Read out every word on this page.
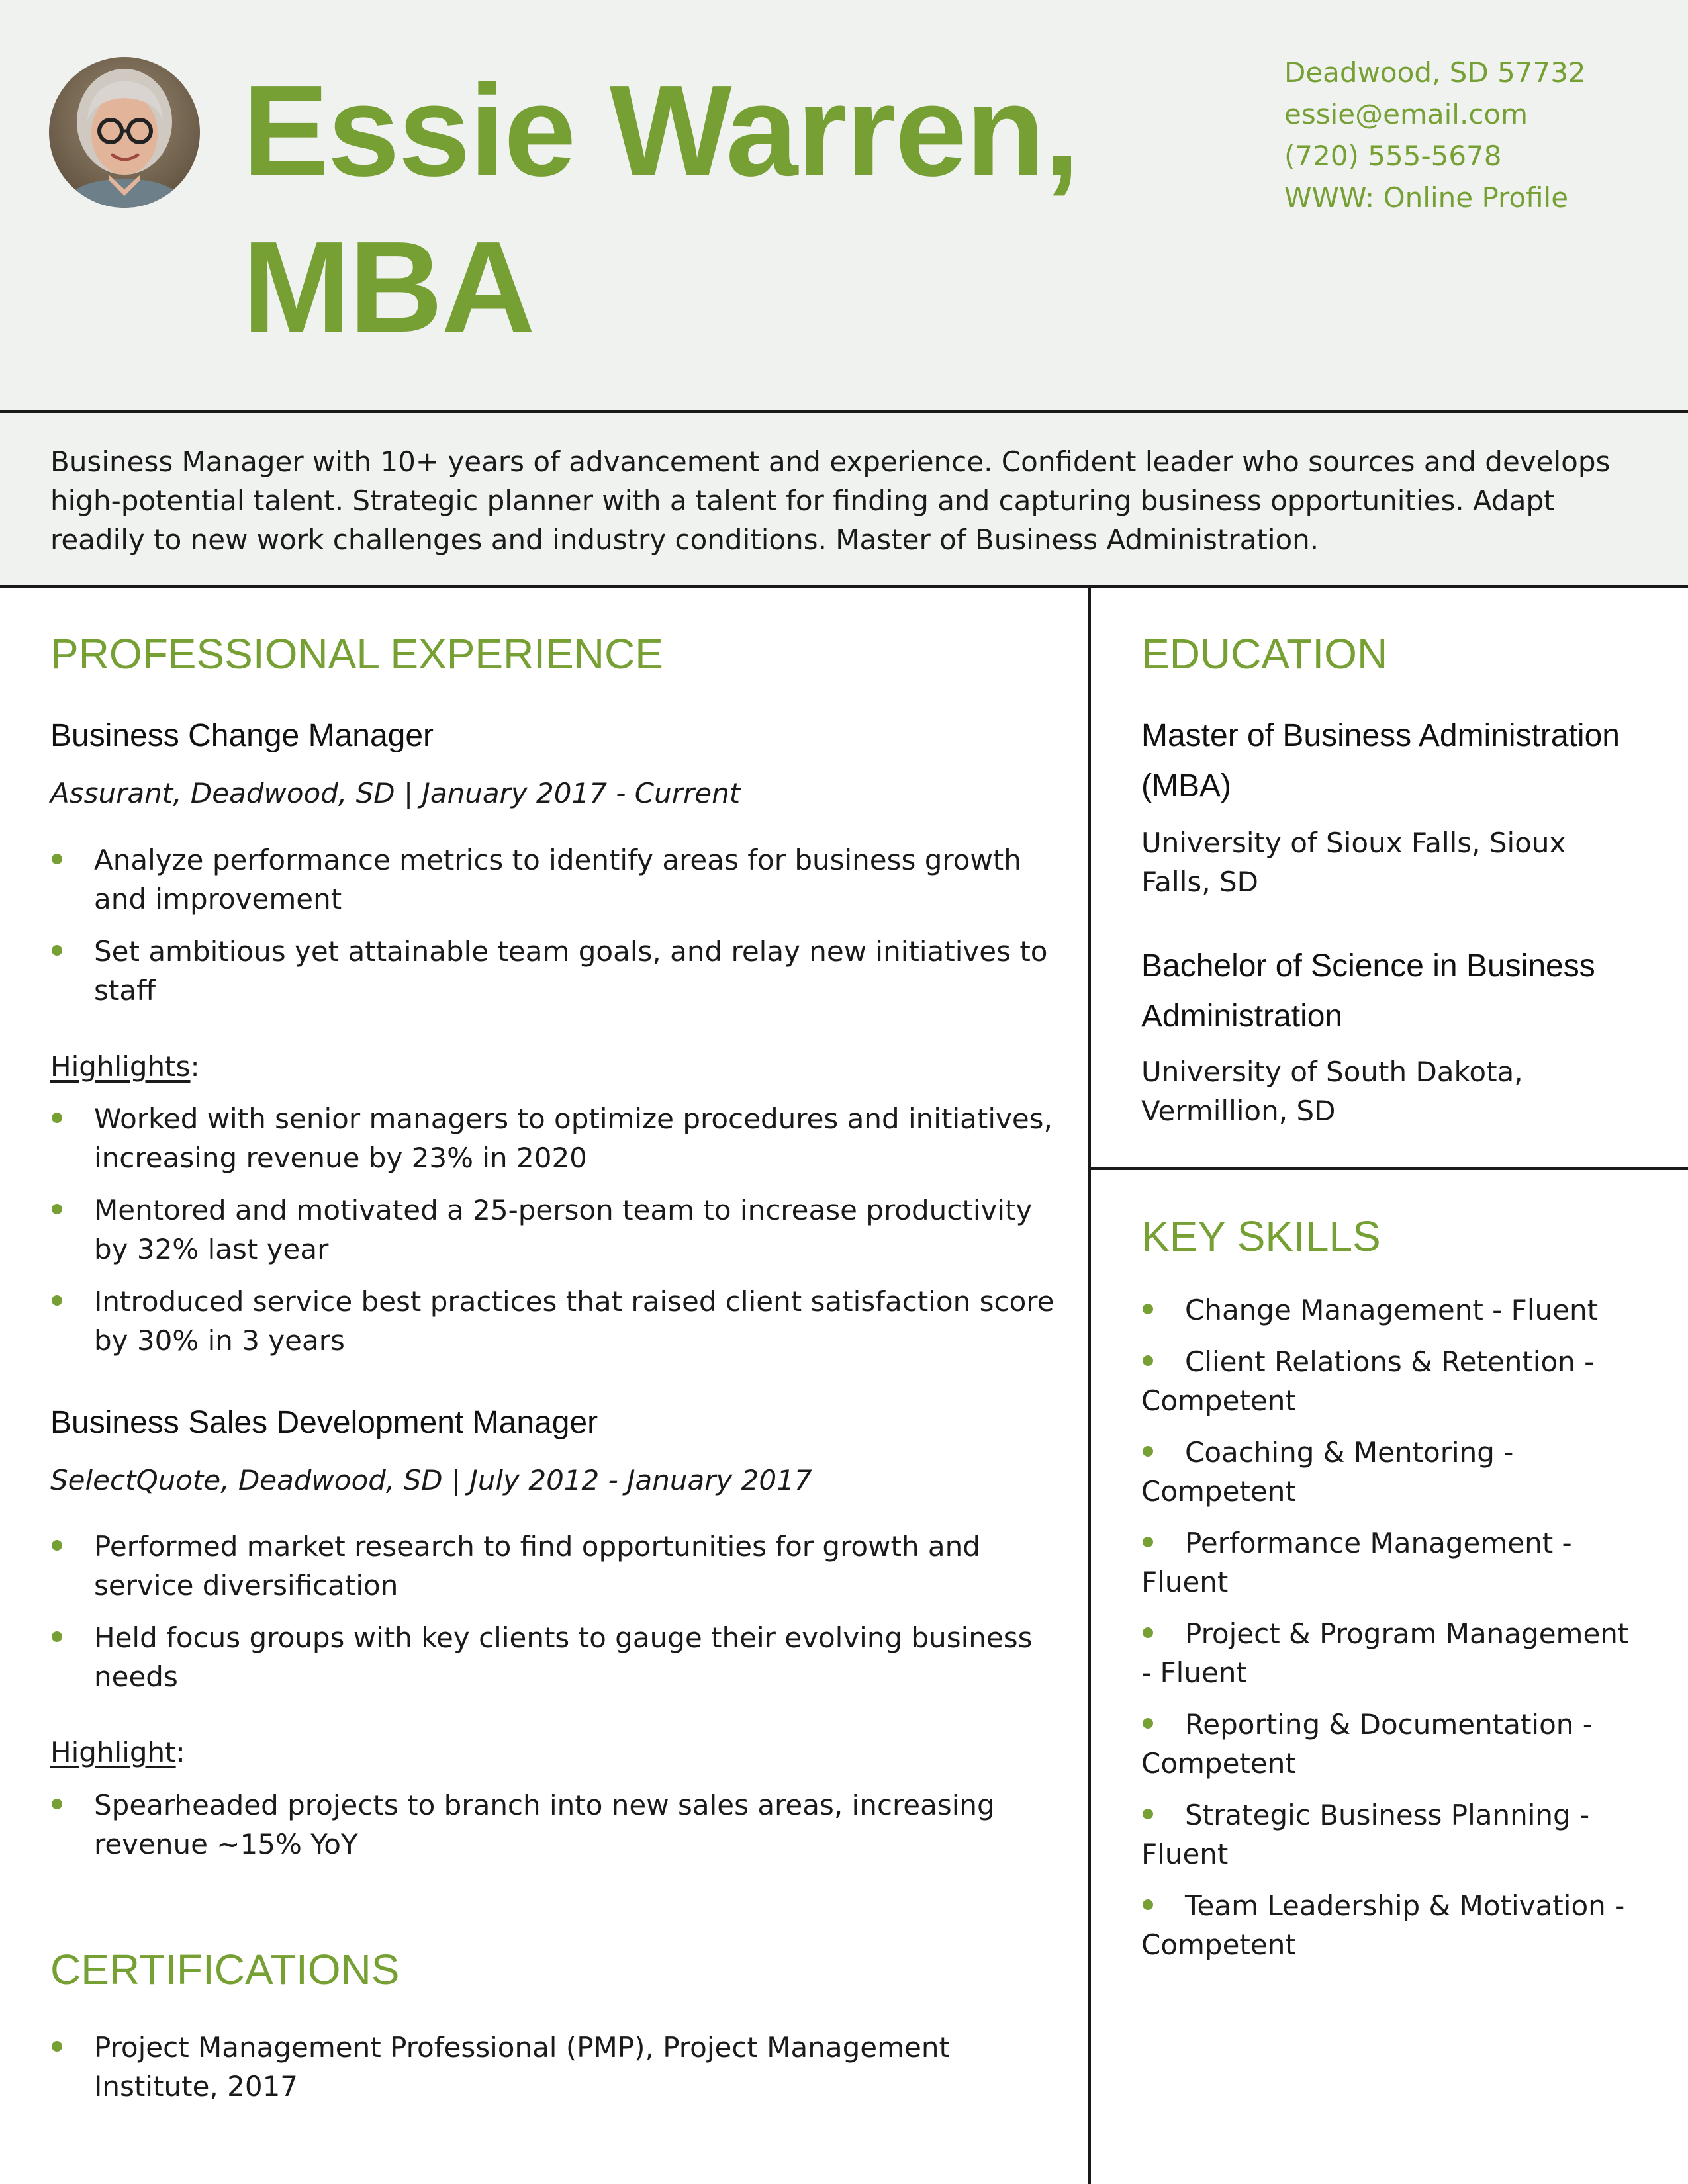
Essie Warren, MBA
Deadwood, SD 57732
essie@email.com
(720) 555-5678
WWW: Online Profile
Business Manager with 10+ years of advancement and experience. Confident leader who sources and develops high-potential talent. Strategic planner with a talent for finding and capturing business opportunities. Adapt readily to new work challenges and industry conditions. Master of Business Administration.
PROFESSIONAL EXPERIENCE
Business Change Manager
Assurant, Deadwood, SD | January 2017 - Current
Analyze performance metrics to identify areas for business growth and improvement
Set ambitious yet attainable team goals, and relay new initiatives to staff
Highlights:
Worked with senior managers to optimize procedures and initiatives, increasing revenue by 23% in 2020
Mentored and motivated a 25-person team to increase productivity by 32% last year
Introduced service best practices that raised client satisfaction score by 30% in 3 years
Business Sales Development Manager
SelectQuote, Deadwood, SD | July 2012 - January 2017
Performed market research to find opportunities for growth and service diversification
Held focus groups with key clients to gauge their evolving business needs
Highlight:
Spearheaded projects to branch into new sales areas, increasing revenue ~15% YoY
CERTIFICATIONS
Project Management Professional (PMP), Project Management Institute, 2017
EDUCATION
Master of Business Administration (MBA)
University of Sioux Falls, Sioux Falls, SD
Bachelor of Science in Business Administration
University of South Dakota, Vermillion, SD
KEY SKILLS
Change Management - Fluent
Client Relations & Retention - Competent
Coaching & Mentoring - Competent
Performance Management - Fluent
Project & Program Management - Fluent
Reporting & Documentation - Competent
Strategic Business Planning - Fluent
Team Leadership & Motivation - Competent
